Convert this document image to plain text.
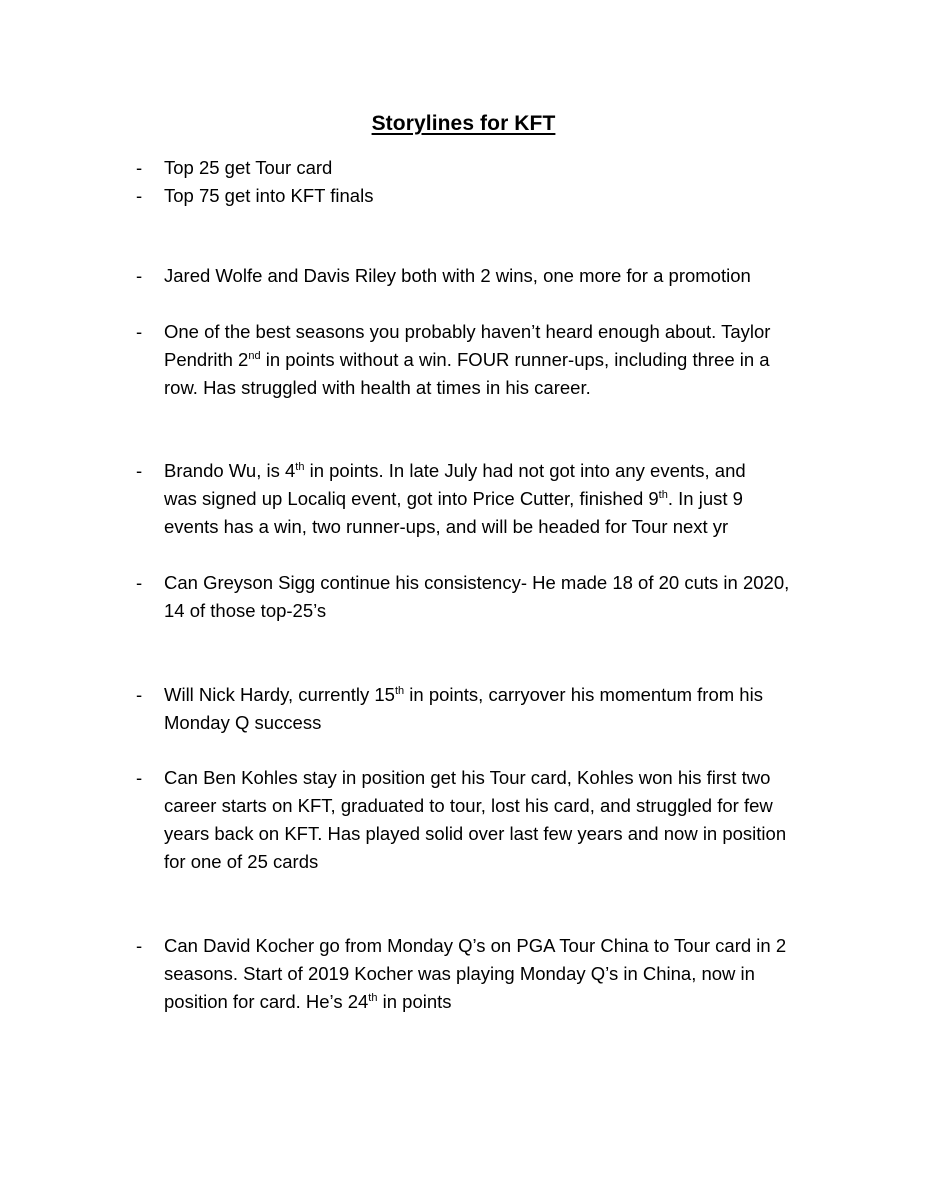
Storylines for KFT
- Top 25 get Tour card
- Top 75 get into KFT finals
- Jared Wolfe and Davis Riley both with 2 wins, one more for a promotion
- One of the best seasons you probably haven’t heard enough about. Taylor
Pendrith 2nd in points without a win. FOUR runner-ups, including three in a
row. Has struggled with health at times in his career.
- Brando Wu, is 4th in points. In late July had not got into any events, and
was signed up Localiq event, got into Price Cutter, finished 9th. In just 9
events has a win, two runner-ups, and will be headed for Tour next yr
- Can Greyson Sigg continue his consistency- He made 18 of 20 cuts in 2020,
14 of those top-25’s
- Will Nick Hardy, currently 15th in points, carryover his momentum from his
Monday Q success
- Can Ben Kohles stay in position get his Tour card, Kohles won his first two
career starts on KFT, graduated to tour, lost his card, and struggled for few
years back on KFT. Has played solid over last few years and now in position
for one of 25 cards
- Can David Kocher go from Monday Q’s on PGA Tour China to Tour card in 2
seasons. Start of 2019 Kocher was playing Monday Q’s in China, now in
position for card. He’s 24th in points
